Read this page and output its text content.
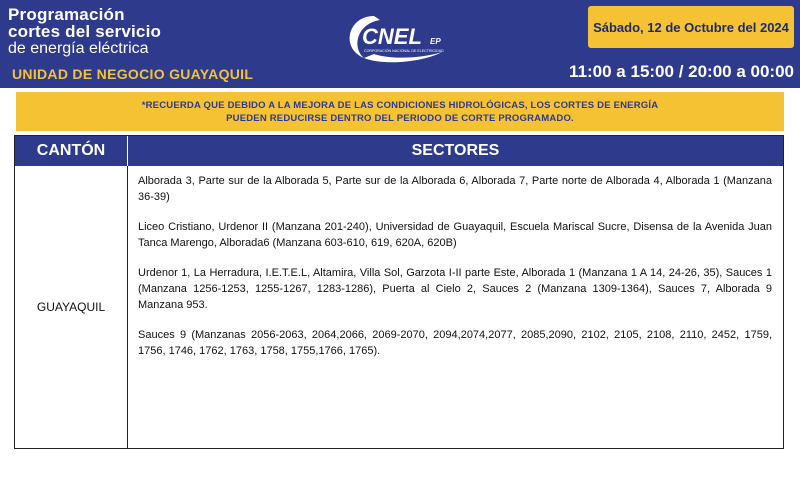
Programación
cortes del servicio
de energía eléctrica
UNIDAD DE NEGOCIO GUAYAQUIL
CNEL EP
CORPORACIÓN NACIONAL DE ELECTRICIDAD
Sábado, 12 de Octubre del 2024
11:00 a 15:00 / 20:00 a 00:00
*RECUERDA QUE DEBIDO A LA MEJORA DE LAS CONDICIONES HIDROLÓGICAS, LOS CORTES DE ENERGÍA
PUEDEN REDUCIRSE DENTRO DEL PERIODO DE CORTE PROGRAMADO.
CANTÓN	SECTORES
GUAYAQUIL

Alborada 3, Parte sur de la Alborada 5, Parte sur de la Alborada 6, Alborada 7, Parte norte de Alborada 4, Alborada 1 (Manzana 36-39)

Liceo Cristiano, Urdenor II (Manzana 201-240), Universidad de Guayaquil, Escuela Mariscal Sucre, Disensa de la Avenida Juan Tanca Marengo, Alborada6 (Manzana 603-610, 619, 620A, 620B)

Urdenor 1, La Herradura, I.E.T.E.L, Altamira, Villa Sol, Garzota I-II parte Este, Alborada 1 (Manzana 1 A 14, 24-26, 35), Sauces 1 (Manzana 1256-1253, 1255-1267, 1283-1286), Puerta al Cielo 2, Sauces 2 (Manzana 1309-1364), Sauces 7, Alborada 9 Manzana 953.

Sauces 9 (Manzanas 2056-2063, 2064,2066, 2069-2070, 2094,2074,2077, 2085,2090, 2102, 2105, 2108, 2110, 2452, 1759, 1756, 1746, 1762, 1763, 1758, 1755,1766, 1765).
